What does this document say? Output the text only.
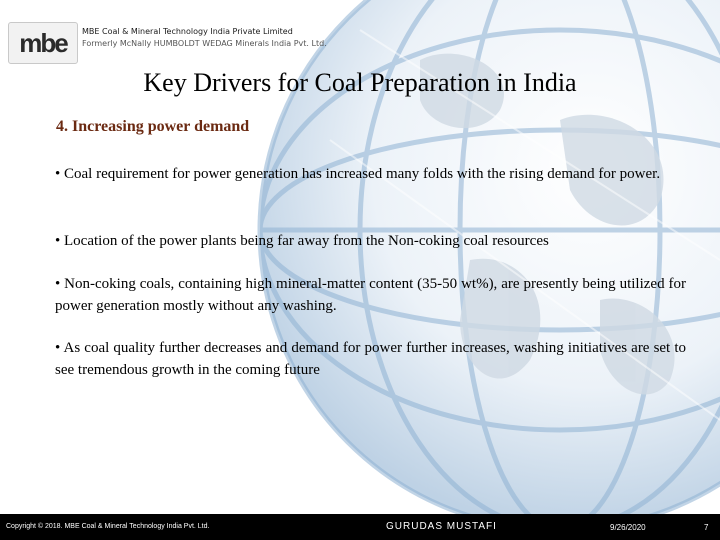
mbe	MBE Coal & Mineral Technology India Private Limited
Formerly McNally HUMBOLDT WEDAG Minerals India Pvt. Ltd.
Key Drivers for Coal Preparation in India
4. Increasing power demand
• Coal requirement for power generation has increased many folds with the rising demand for power.
• Location of the power plants being far away from the Non-coking coal resources
• Non-coking coals, containing high mineral-matter content (35-50 wt%), are presently being utilized for power generation mostly without any washing.
• As coal quality further decreases and demand for power further increases, washing initiatives are set to see tremendous growth in the coming future
Copyright © 2018. MBE Coal & Mineral Technology India Pvt. Ltd.	GURUDAS MUSTAFI	9/26/2020	7
